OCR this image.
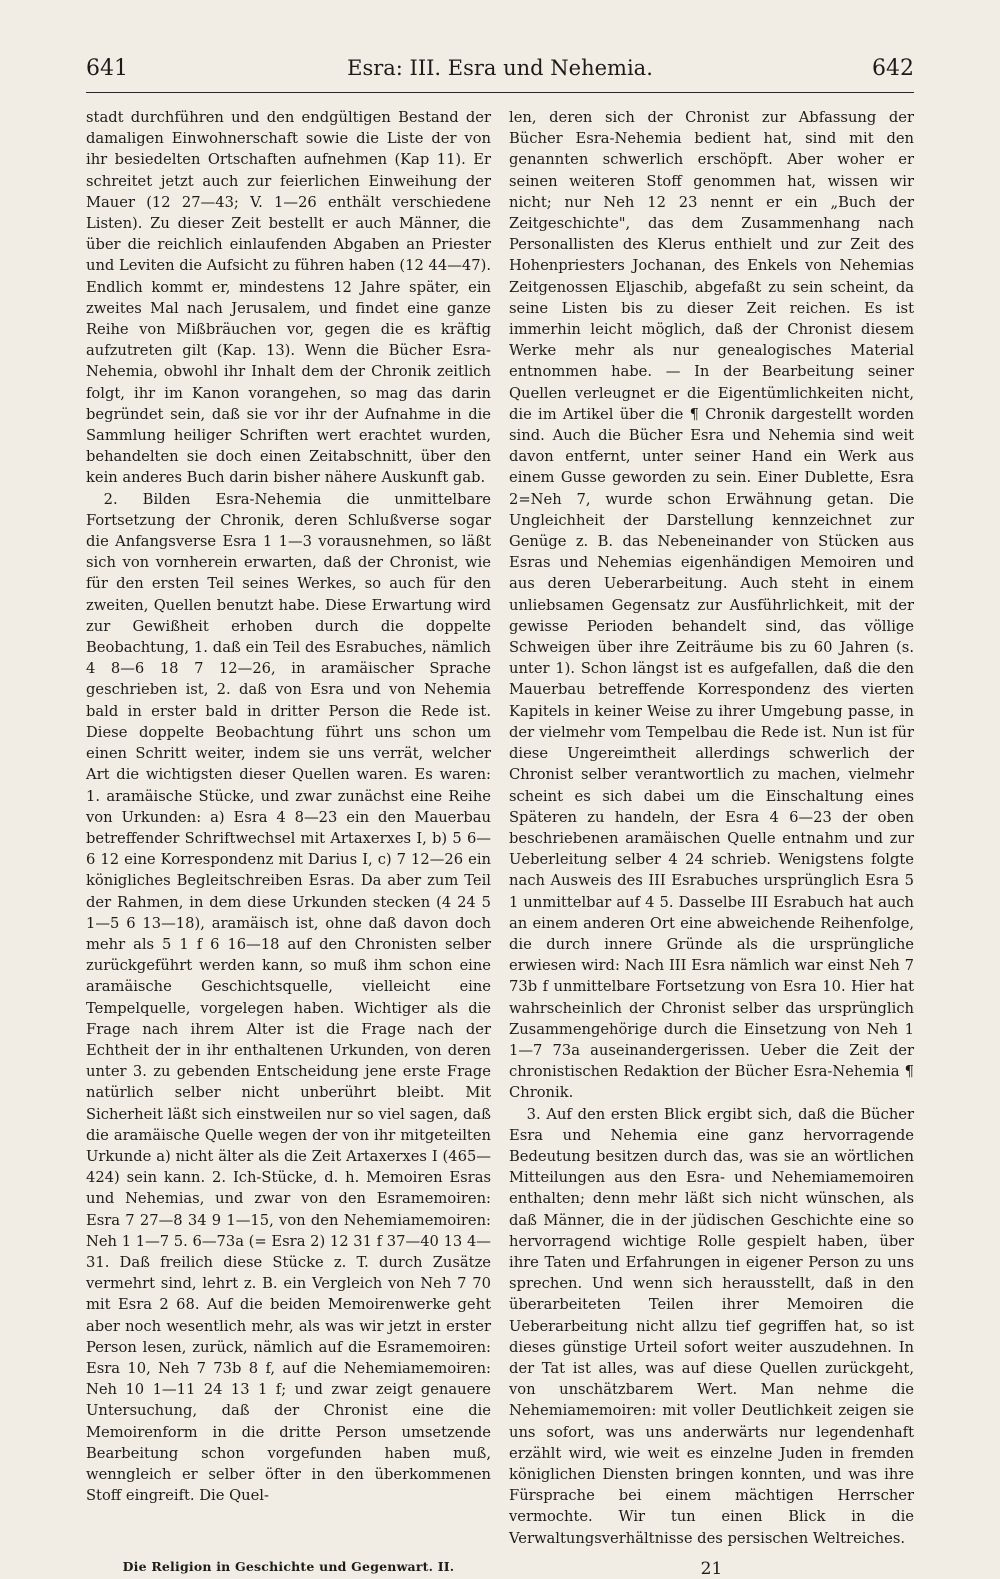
641	Esra: III. Esra und Nehemia.	642

stadt durchführen und den endgültigen Bestand der damaligen Einwohnerschaft sowie die Liste der von ihr besiedelten Ortschaften aufnehmen (Kap 11). Er schreitet jetzt auch zur feierlichen Einweihung der Mauer (12 27—43; V. 1—26 enthält verschiedene Listen). Zu dieser Zeit bestellt er auch Männer, die über die reichlich einlaufenden Abgaben an Priester und Leviten die Aufsicht zu führen haben (12 44—47). Endlich kommt er, mindestens 12 Jahre später, ein zweites Mal nach Jerusalem, und findet eine ganze Reihe von Mißbräuchen vor, gegen die es kräftig aufzutreten gilt (Kap. 13). Wenn die Bücher Esra-Nehemia, obwohl ihr Inhalt dem der Chronik zeitlich folgt, ihr im Kanon vorangehen, so mag das darin begründet sein, daß sie vor ihr der Aufnahme in die Sammlung heiliger Schriften wert erachtet wurden, behandelten sie doch einen Zeitabschnitt, über den kein anderes Buch darin bisher nähere Auskunft gab.

2. Bilden Esra-Nehemia die unmittelbare Fortsetzung der Chronik, deren Schlußverse sogar die Anfangsverse Esra 1 1—3 vorausnehmen, so läßt sich von vornherein erwarten, daß der Chronist, wie für den ersten Teil seines Werkes, so auch für den zweiten, Quellen benutzt habe. Diese Erwartung wird zur Gewißheit erhoben durch die doppelte Beobachtung, 1. daß ein Teil des Esrabuches, nämlich 4 8—6 18 7 12—26, in aramäischer Sprache geschrieben ist, 2. daß von Esra und von Nehemia bald in erster bald in dritter Person die Rede ist. Diese doppelte Beobachtung führt uns schon um einen Schritt weiter, indem sie uns verrät, welcher Art die wichtigsten dieser Quellen waren. Es waren: 1. aramäische Stücke, und zwar zunächst eine Reihe von Urkunden: a) Esra 4 8—23 ein den Mauerbau betreffender Schriftwechsel mit Artaxerxes I, b) 5 6—6 12 eine Korrespondenz mit Darius I, c) 7 12—26 ein königliches Begleitschreiben Esras. Da aber zum Teil der Rahmen, in dem diese Urkunden stecken (4 24 5 1—5 6 13—18), aramäisch ist, ohne daß davon doch mehr als 5 1 f 6 16—18 auf den Chronisten selber zurückgeführt werden kann, so muß ihm schon eine aramäische Geschichtsquelle, vielleicht eine Tempelquelle, vorgelegen haben. Wichtiger als die Frage nach ihrem Alter ist die Frage nach der Echtheit der in ihr enthaltenen Urkunden, von deren unter 3. zu gebenden Entscheidung jene erste Frage natürlich selber nicht unberührt bleibt. Mit Sicherheit läßt sich einstweilen nur so viel sagen, daß die aramäische Quelle wegen der von ihr mitgeteilten Urkunde a) nicht älter als die Zeit Artaxerxes I (465—424) sein kann. 2. Ich-Stücke, d. h. Memoiren Esras und Nehemias, und zwar von den Esramemoiren: Esra 7 27—8 34 9 1—15, von den Nehemiamemoiren: Neh 1 1—7 5. 6—73a (= Esra 2) 12 31 f 37—40 13 4—31. Daß freilich diese Stücke z. T. durch Zusätze vermehrt sind, lehrt z. B. ein Vergleich von Neh 7 70 mit Esra 2 68. Auf die beiden Memoirenwerke geht aber noch wesentlich mehr, als was wir jetzt in erster Person lesen, zurück, nämlich auf die Esramemoiren: Esra 10, Neh 7 73b 8 f, auf die Nehemiamemoiren: Neh 10 1—11 24 13 1 f; und zwar zeigt genauere Untersuchung, daß der Chronist eine die Memoirenform in die dritte Person umsetzende Bearbeitung schon vorgefunden haben muß, wenngleich er selber öfter in den überkommenen Stoff eingreift. Die Quel-

len, deren sich der Chronist zur Abfassung der Bücher Esra-Nehemia bedient hat, sind mit den genannten schwerlich erschöpft. Aber woher er seinen weiteren Stoff genommen hat, wissen wir nicht; nur Neh 12 23 nennt er ein „Buch der Zeitgeschichte", das dem Zusammenhang nach Personallisten des Klerus enthielt und zur Zeit des Hohenpriesters Jochanan, des Enkels von Nehemias Zeitgenossen Eljaschib, abgefaßt zu sein scheint, da seine Listen bis zu dieser Zeit reichen. Es ist immerhin leicht möglich, daß der Chronist diesem Werke mehr als nur genealogisches Material entnommen habe. — In der Bearbeitung seiner Quellen verleugnet er die Eigentümlichkeiten nicht, die im Artikel über die ¶ Chronik dargestellt worden sind. Auch die Bücher Esra und Nehemia sind weit davon entfernt, unter seiner Hand ein Werk aus einem Gusse geworden zu sein. Einer Dublette, Esra 2=Neh 7, wurde schon Erwähnung getan. Die Ungleichheit der Darstellung kennzeichnet zur Genüge z. B. das Nebeneinander von Stücken aus Esras und Nehemias eigenhändigen Memoiren und aus deren Ueberarbeitung. Auch steht in einem unliebsamen Gegensatz zur Ausführlichkeit, mit der gewisse Perioden behandelt sind, das völlige Schweigen über ihre Zeiträume bis zu 60 Jahren (s. unter 1). Schon längst ist es aufgefallen, daß die den Mauerbau betreffende Korrespondenz des vierten Kapitels in keiner Weise zu ihrer Umgebung passe, in der vielmehr vom Tempelbau die Rede ist. Nun ist für diese Ungereimtheit allerdings schwerlich der Chronist selber verantwortlich zu machen, vielmehr scheint es sich dabei um die Einschaltung eines Späteren zu handeln, der Esra 4 6—23 der oben beschriebenen aramäischen Quelle entnahm und zur Ueberleitung selber 4 24 schrieb. Wenigstens folgte nach Ausweis des III Esrabuches ursprünglich Esra 5 1 unmittelbar auf 4 5. Dasselbe III Esrabuch hat auch an einem anderen Ort eine abweichende Reihenfolge, die durch innere Gründe als die ursprüngliche erwiesen wird: Nach III Esra nämlich war einst Neh 7 73b f unmittelbare Fortsetzung von Esra 10. Hier hat wahrscheinlich der Chronist selber das ursprünglich Zusammengehörige durch die Einsetzung von Neh 1 1—7 73a auseinandergerissen. Ueber die Zeit der chronistischen Redaktion der Bücher Esra-Nehemia ¶ Chronik.

3. Auf den ersten Blick ergibt sich, daß die Bücher Esra und Nehemia eine ganz hervorragende Bedeutung besitzen durch das, was sie an wörtlichen Mitteilungen aus den Esra- und Nehemiamemoiren enthalten; denn mehr läßt sich nicht wünschen, als daß Männer, die in der jüdischen Geschichte eine so hervorragend wichtige Rolle gespielt haben, über ihre Taten und Erfahrungen in eigener Person zu uns sprechen. Und wenn sich herausstellt, daß in den überarbeiteten Teilen ihrer Memoiren die Ueberarbeitung nicht allzu tief gegriffen hat, so ist dieses günstige Urteil sofort weiter auszudehnen. In der Tat ist alles, was auf diese Quellen zurückgeht, von unschätzbarem Wert. Man nehme die Nehemiamemoiren: mit voller Deutlichkeit zeigen sie uns sofort, was uns anderwärts nur legendenhaft erzählt wird, wie weit es einzelne Juden in fremden königlichen Diensten bringen konnten, und was ihre Fürsprache bei einem mächtigen Herrscher vermochte. Wir tun einen Blick in die Verwaltungsverhältnisse des persischen Weltreiches.

Die Religion in Geschichte und Gegenwart. II.	21
